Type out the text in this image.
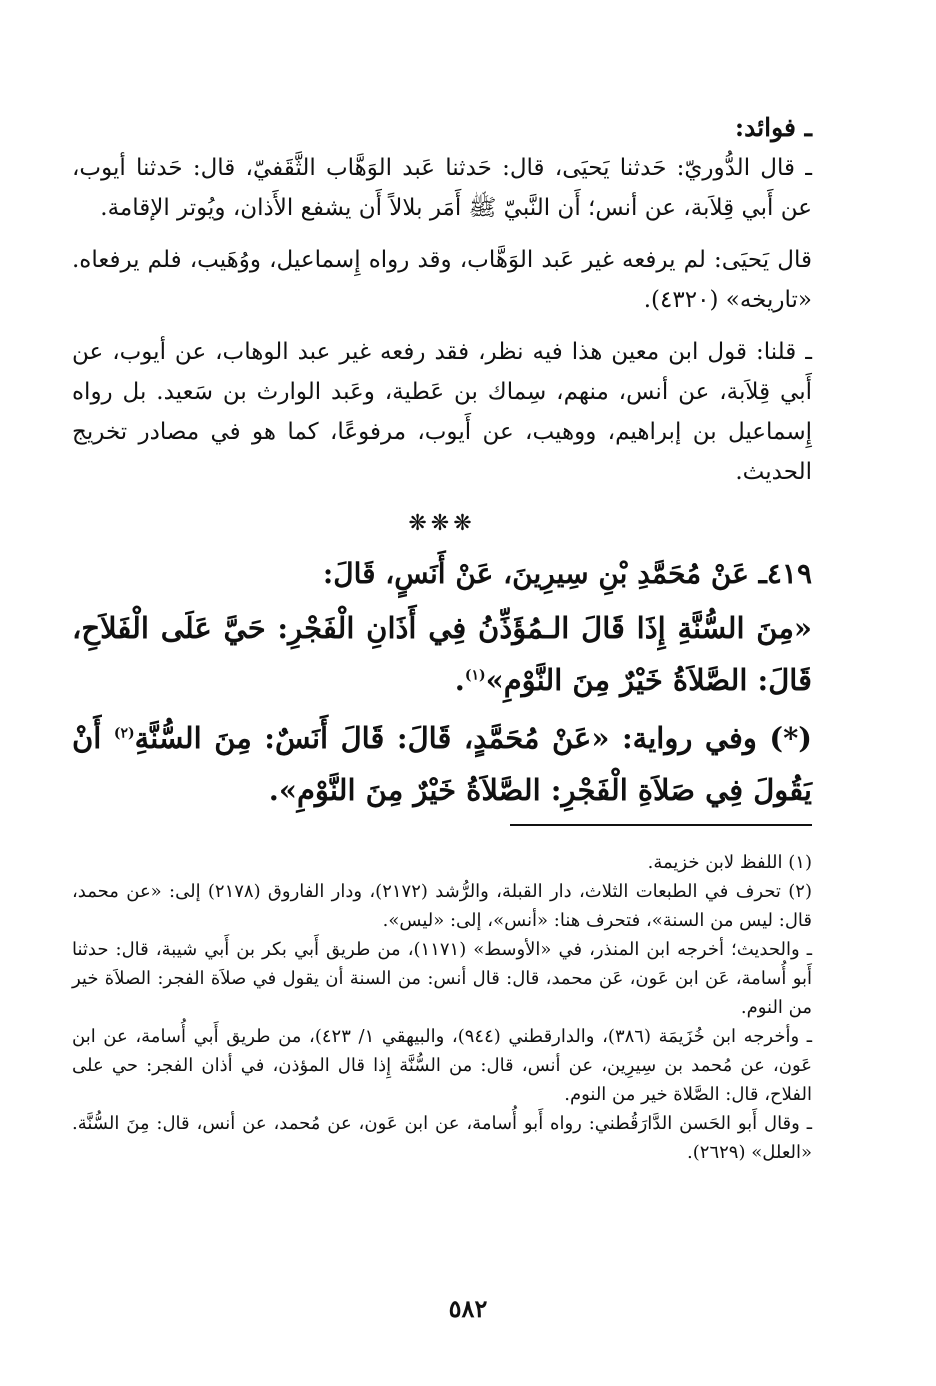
ـ فوائد:

ـ قال الدُّوريّ: حَدثنا يَحيَى، قال: حَدثنا عَبد الوَهَّاب الثَّقَفيّ، قال: حَدثنا أيوب، عن أَبي قِلاَبة، عن أنس؛ أَن النَّبيّ ﷺ أَمَر بلالاً أَن يشفع الأَذان، ويُوتر الإقامة.

قال يَحيَى: لم يرفعه غير عَبد الوَهَّاب، وقد رواه إِسماعيل، ووُهَيب، فلم يرفعاه. «تاريخه» (٤٣٢٠).

ـ قلنا: قول ابن معين هذا فيه نظر، فقد رفعه غير عبد الوهاب، عن أيوب، عن أَبي قِلاَبة، عن أنس، منهم، سِماك بن عَطية، وعَبد الوارث بن سَعيد. بل رواه إِسماعيل بن إبراهيم، ووهيب، عن أَيوب، مرفوعًا، كما هو في مصادر تخريج الحديث.

❋❋❋

٤١٩ـ عَنْ مُحَمَّدِ بْنِ سِيرِينَ، عَنْ أَنَسٍ، قَالَ:

«مِنَ السُّنَّةِ إِذَا قَالَ الـمُؤَذِّنُ فِي أَذَانِ الْفَجْرِ: حَيَّ عَلَى الْفَلاَحِ، قَالَ: الصَّلاَةُ خَيْرٌ مِنَ النَّوْمِ»$^{(١)}$.

(*) وفي رواية: «عَنْ مُحَمَّدٍ، قَالَ: قَالَ أَنَسٌ: مِنَ السُّنَّةِ$^{(٢)}$ أَنْ يَقُولَ فِي صَلاَةِ الْفَجْرِ: الصَّلاَةُ خَيْرٌ مِنَ النَّوْمِ».

(١) اللفظ لابن خزيمة.

(٢) تحرف في الطبعات الثلاث، دار القبلة، والرُّشد (٢١٧٢)، ودار الفاروق (٢١٧٨) إلى: «عن محمد، قال: ليس من السنة»، فتحرف هنا: «أنس»، إلى: «ليس».

ـ والحديث؛ أخرجه ابن المنذر، في «الأوسط» (١١٧١)، من طريق أَبي بكر بن أَبي شيبة، قال: حدثنا أَبو أُسامة، عَن ابن عَون، عَن محمد، قال: قال أنس: من السنة أن يقول في صلاَة الفجر: الصلاَة خير من النوم.

ـ وأخرجه ابن خُزَيمَة (٣٨٦)، والدارقطني (٩٤٤)، والبيهقي ١/ ٤٢٣)، من طريق أَبي أُسامة، عن ابن عَون، عن مُحمد بن سِيرِين، عن أنس، قال: من السُّنَّة إِذا قال المؤذن، في أذان الفجر: حي على الفلاح، قال: الصَّلاة خير من النوم.

ـ وقال أَبو الحَسن الدَّارَقُطني: رواه أَبو أُسامة، عن ابن عَون، عن مُحمد، عن أنس، قال: مِنَ السُّنَّة. «العلل» (٢٦٢٩).

٥٨٢
